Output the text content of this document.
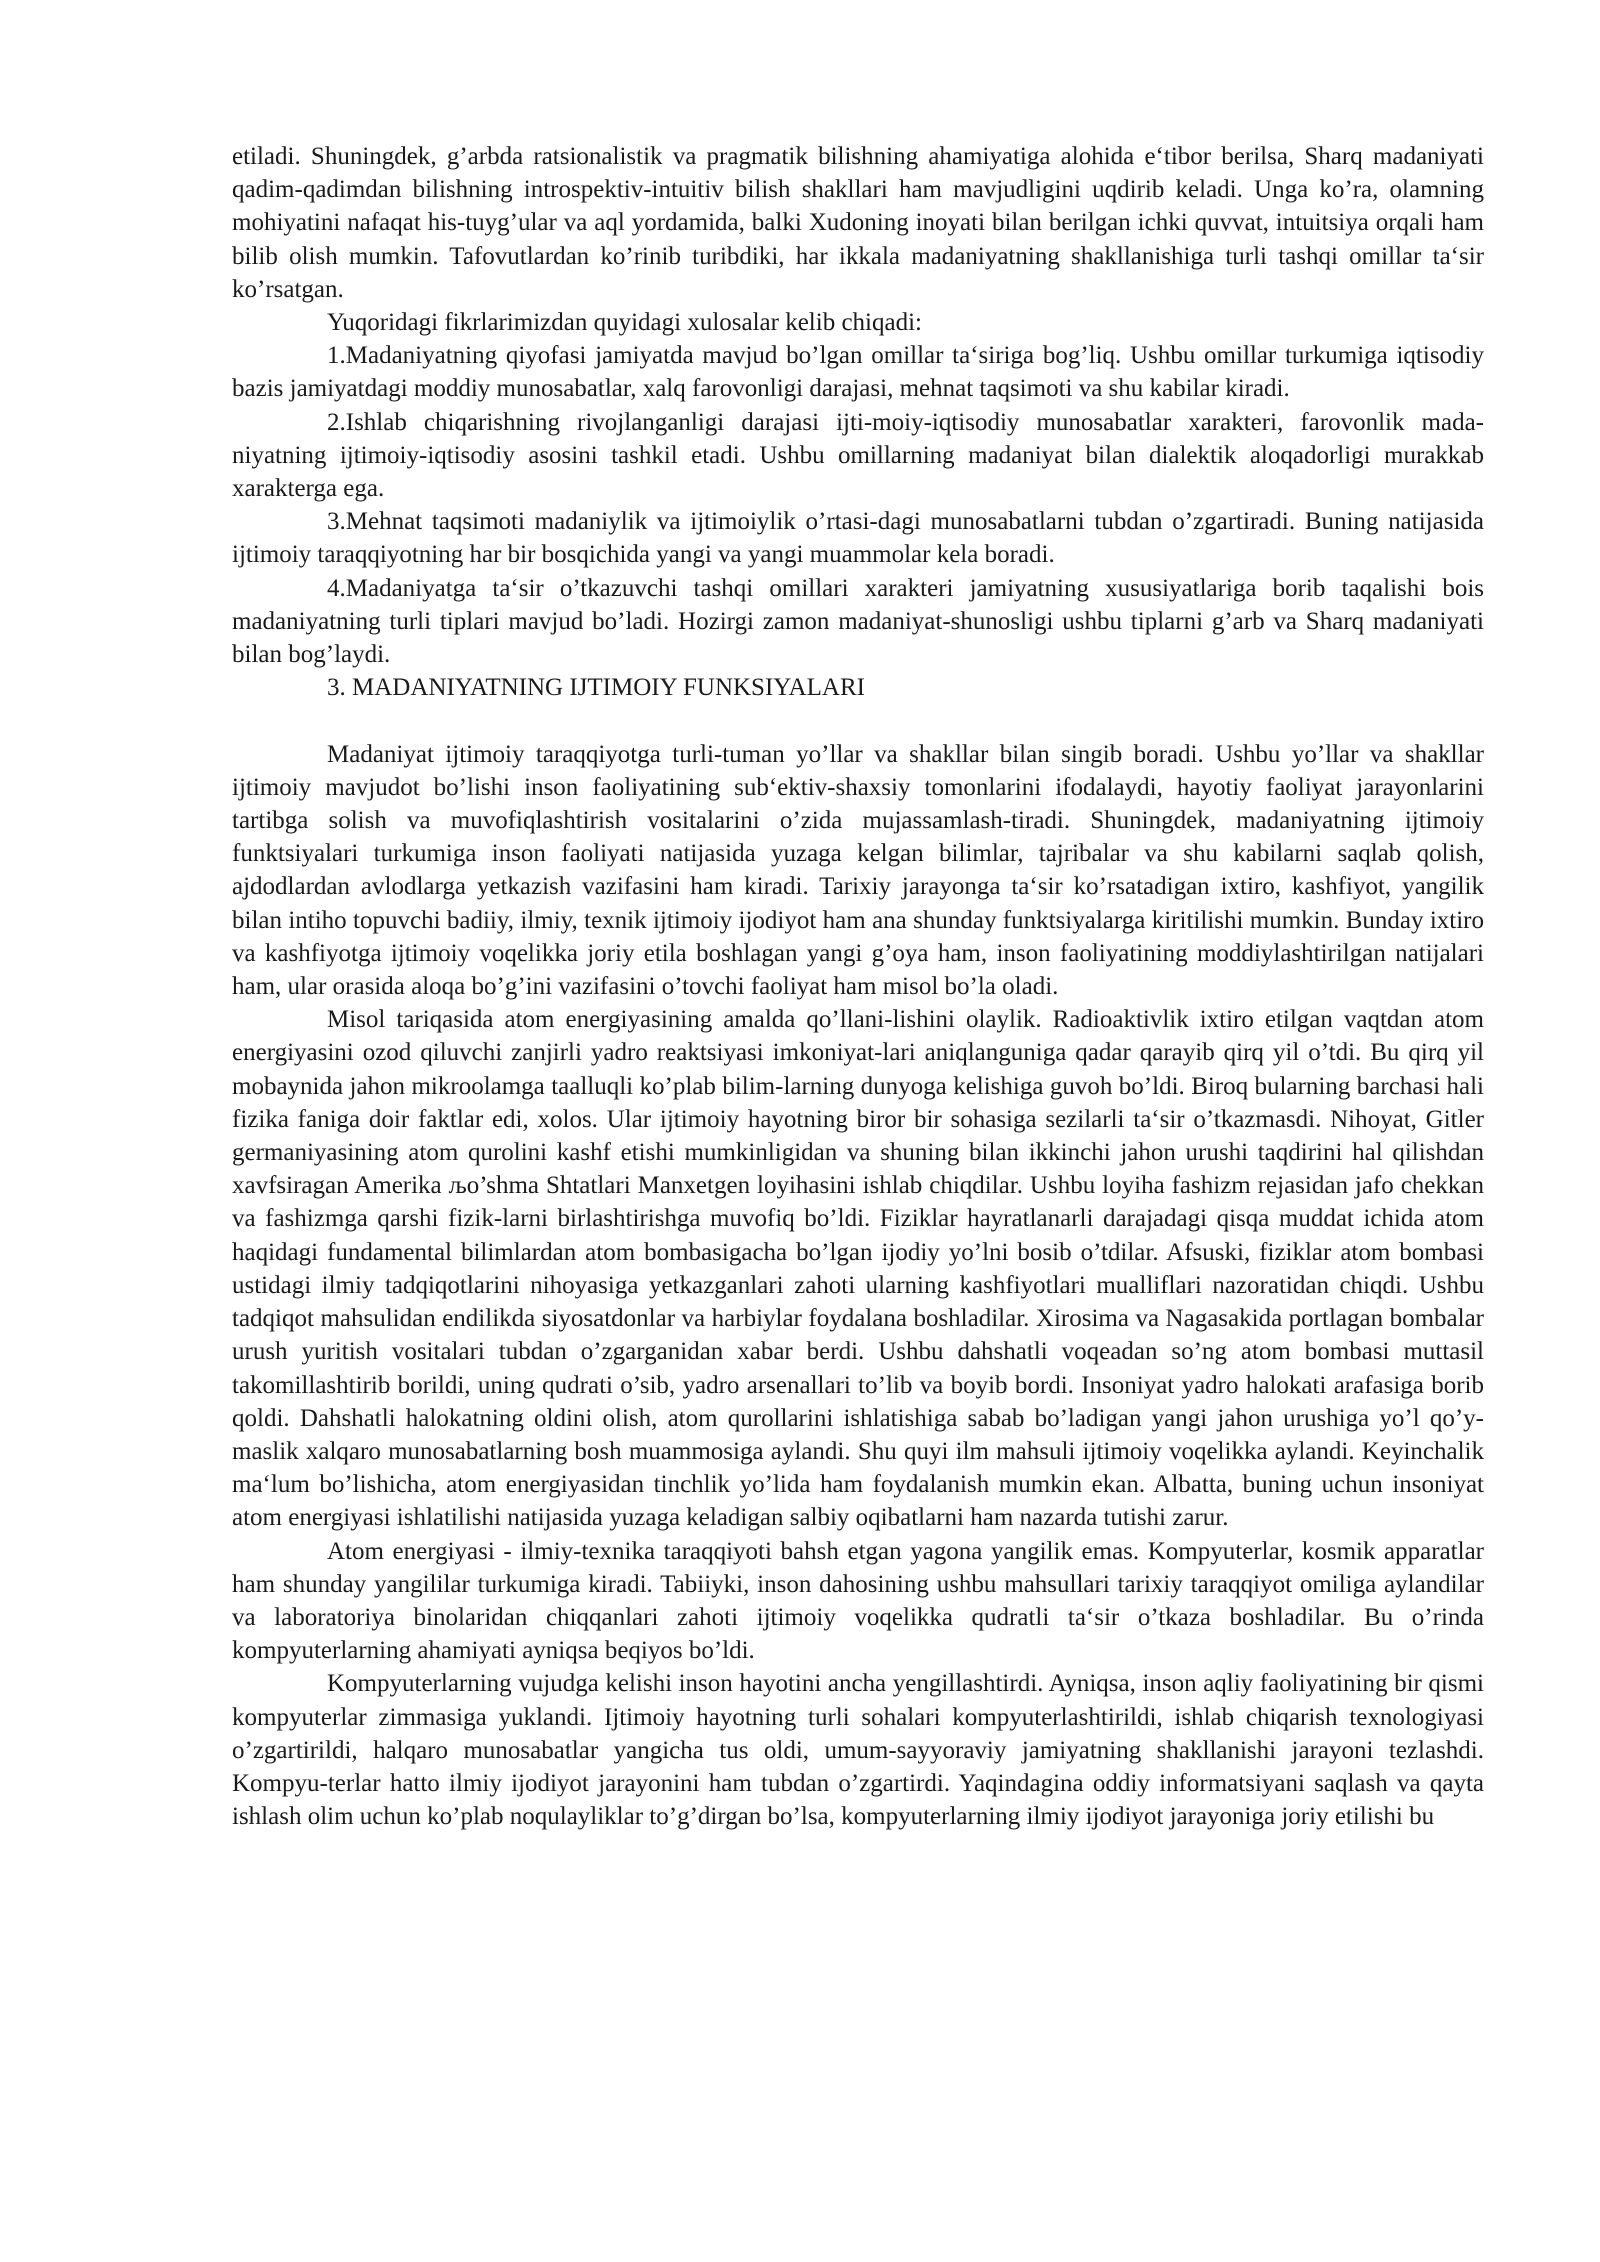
etiladi. Shuningdek, g’arbda ratsionalistik va pragmatik bilishning ahamiyatiga alohida e‘tibor berilsa, Sharq madaniyati qadim-qadimdan bilishning introspektiv-intuitiv bilish shakllari ham mavjudligini uqdirib keladi. Unga ko’ra, olamning mohiyatini nafaqat his-tuyg’ular va aql yordamida, balki Xudoning inoyati bilan berilgan ichki quvvat, intuitsiya orqali ham bilib olish mumkin. Tafovutlardan ko’rinib turibdiki, har ikkala madaniyatning shakllanishiga turli tashqi omillar ta‘sir ko’rsatgan.

Yuqoridagi fikrlarimizdan quyidagi xulosalar kelib chiqadi:

1.Madaniyatning qiyofasi jamiyatda mavjud bo’lgan omillar ta‘siriga bog’liq. Ushbu omillar turkumiga iqtisodiy bazis jamiyatdagi moddiy munosabatlar, xalq farovonligi darajasi, mehnat taqsimoti va shu kabilar kiradi.

2.Ishlab chiqarishning rivojlanganligi darajasi ijti-moiy-iqtisodiy munosabatlar xarakteri, farovonlik mada-niyatning ijtimoiy-iqtisodiy asosini tashkil etadi. Ushbu omillarning madaniyat bilan dialektik aloqadorligi murakkab xarakterga ega.

3.Mehnat taqsimoti madaniylik va ijtimoiylik o’rtasi-dagi munosabatlarni tubdan o’zgartiradi. Buning natijasida ijtimoiy taraqqiyotning har bir bosqichida yangi va yangi muammolar kela boradi.

4.Madaniyatga ta‘sir o’tkazuvchi tashqi omillari xarakteri jamiyatning xususiyatlariga borib taqalishi bois madaniyatning turli tiplari mavjud bo’ladi. Hozirgi zamon madaniyat-shunosligi ushbu tiplarni g’arb va Sharq madaniyati bilan bog’laydi.

3. MADANIYATNING IJTIMOIY FUNKSIYALARI

Madaniyat ijtimoiy taraqqiyotga turli-tuman yo’llar va shakllar bilan singib boradi. Ushbu yo’llar va shakllar ijtimoiy mavjudot bo’lishi inson faoliyatining sub‘ektiv-shaxsiy tomonlarini ifodalaydi, hayotiy faoliyat jarayonlarini tartibga solish va muvofiqlashtirish vositalarini o’zida mujassamlash-tiradi. Shuningdek, madaniyatning ijtimoiy funktsiyalari turkumiga inson faoliyati natijasida yuzaga kelgan bilimlar, tajribalar va shu kabilarni saqlab qolish, ajdodlardan avlodlarga yetkazish vazifasini ham kiradi. Tarixiy jarayonga ta‘sir ko’rsatadigan ixtiro, kashfiyot, yangilik bilan intiho topuvchi badiiy, ilmiy, texnik ijtimoiy ijodiyot ham ana shunday funktsiyalarga kiritilishi mumkin. Bunday ixtiro va kashfiyotga ijtimoiy voqelikka joriy etila boshlagan yangi g’oya ham, inson faoliyatining moddiylashtirilgan natijalari ham, ular orasida aloqa bo’g’ini vazifasini o’tovchi faoliyat ham misol bo’la oladi.

Misol tariqasida atom energiyasining amalda qo’llani-lishini olaylik. Radioaktivlik ixtiro etilgan vaqtdan atom energiyasini ozod qiluvchi zanjirli yadro reaktsiyasi imkoniyat-lari aniqlanguniga qadar qarayib qirq yil o’tdi. Bu qirq yil mobaynida jahon mikroolamga taalluqli ko’plab bilim-larning dunyoga kelishiga guvoh bo’ldi. Biroq bularning barchasi hali fizika faniga doir faktlar edi, xolos. Ular ijtimoiy hayotning biror bir sohasiga sezilarli ta‘sir o’tkazmasdi. Nihoyat, Gitler germaniyasining atom qurolini kashf etishi mumkinligidan va shuning bilan ikkinchi jahon urushi taqdirini hal qilishdan xavfsiragan Amerika љo’shma Shtatlari Manxetgen loyihasini ishlab chiqdilar. Ushbu loyiha fashizm rejasidan jafo chekkan va fashizmga qarshi fizik-larni birlashtirishga muvofiq bo’ldi. Fiziklar hayratlanarli darajadagi qisqa muddat ichida atom haqidagi fundamental bilimlardan atom bombasigacha bo’lgan ijodiy yo’lni bosib o’tdilar. Afsuski, fiziklar atom bombasi ustidagi ilmiy tadqiqotlarini nihoyasiga yetkazganlari zahoti ularning kashfiyotlari mualliflari nazoratidan chiqdi. Ushbu tadqiqot mahsulidan endilikda siyosatdonlar va harbiylar foydalana boshladilar. Xirosima va Nagasakida portlagan bombalar urush yuritish vositalari tubdan o’zgarganidan xabar berdi. Ushbu dahshatli voqeadan so’ng atom bombasi muttasil takomillashtirib borildi, uning qudrati o’sib, yadro arsenallari to’lib va boyib bordi. Insoniyat yadro halokati arafasiga borib qoldi. Dahshatli halokatning oldini olish, atom qurollarini ishlatishiga sabab bo’ladigan yangi jahon urushiga yo’l qo’y-maslik xalqaro munosabatlarning bosh muammosiga aylandi. Shu quyi ilm mahsuli ijtimoiy voqelikka aylandi. Keyinchalik ma‘lum bo’lishicha, atom energiyasidan tinchlik yo’lida ham foydalanish mumkin ekan. Albatta, buning uchun insoniyat atom energiyasi ishlatilishi natijasida yuzaga keladigan salbiy oqibatlarni ham nazarda tutishi zarur.

Atom energiyasi - ilmiy-texnika taraqqiyoti bahsh etgan yagona yangilik emas. Kompyuterlar, kosmik apparatlar ham shunday yangililar turkumiga kiradi. Tabiiyki, inson dahosining ushbu mahsullari tarixiy taraqqiyot omiliga aylandilar va laboratoriya binolaridan chiqqanlari zahoti ijtimoiy voqelikka qudratli ta‘sir o’tkaza boshladilar. Bu o’rinda kompyuterlarning ahamiyati ayniqsa beqiyos bo’ldi.

Kompyuterlarning vujudga kelishi inson hayotini ancha yengillashtirdi. Ayniqsa, inson aqliy faoliyatining bir qismi kompyuterlar zimmasiga yuklandi. Ijtimoiy hayotning turli sohalari kompyuterlashtirildi, ishlab chiqarish texnologiyasi o’zgartirildi, halqaro munosabatlar yangicha tus oldi, umum-sayyoraviy jamiyatning shakllanishi jarayoni tezlashdi. Kompyu-terlar hatto ilmiy ijodiyot jarayonini ham tubdan o’zgartirdi. Yaqindagina oddiy informatsiyani saqlash va qayta ishlash olim uchun ko’plab noqulayliklar to’g’dirgan bo’lsa, kompyuterlarning ilmiy ijodiyot jarayoniga joriy etilishi bu
